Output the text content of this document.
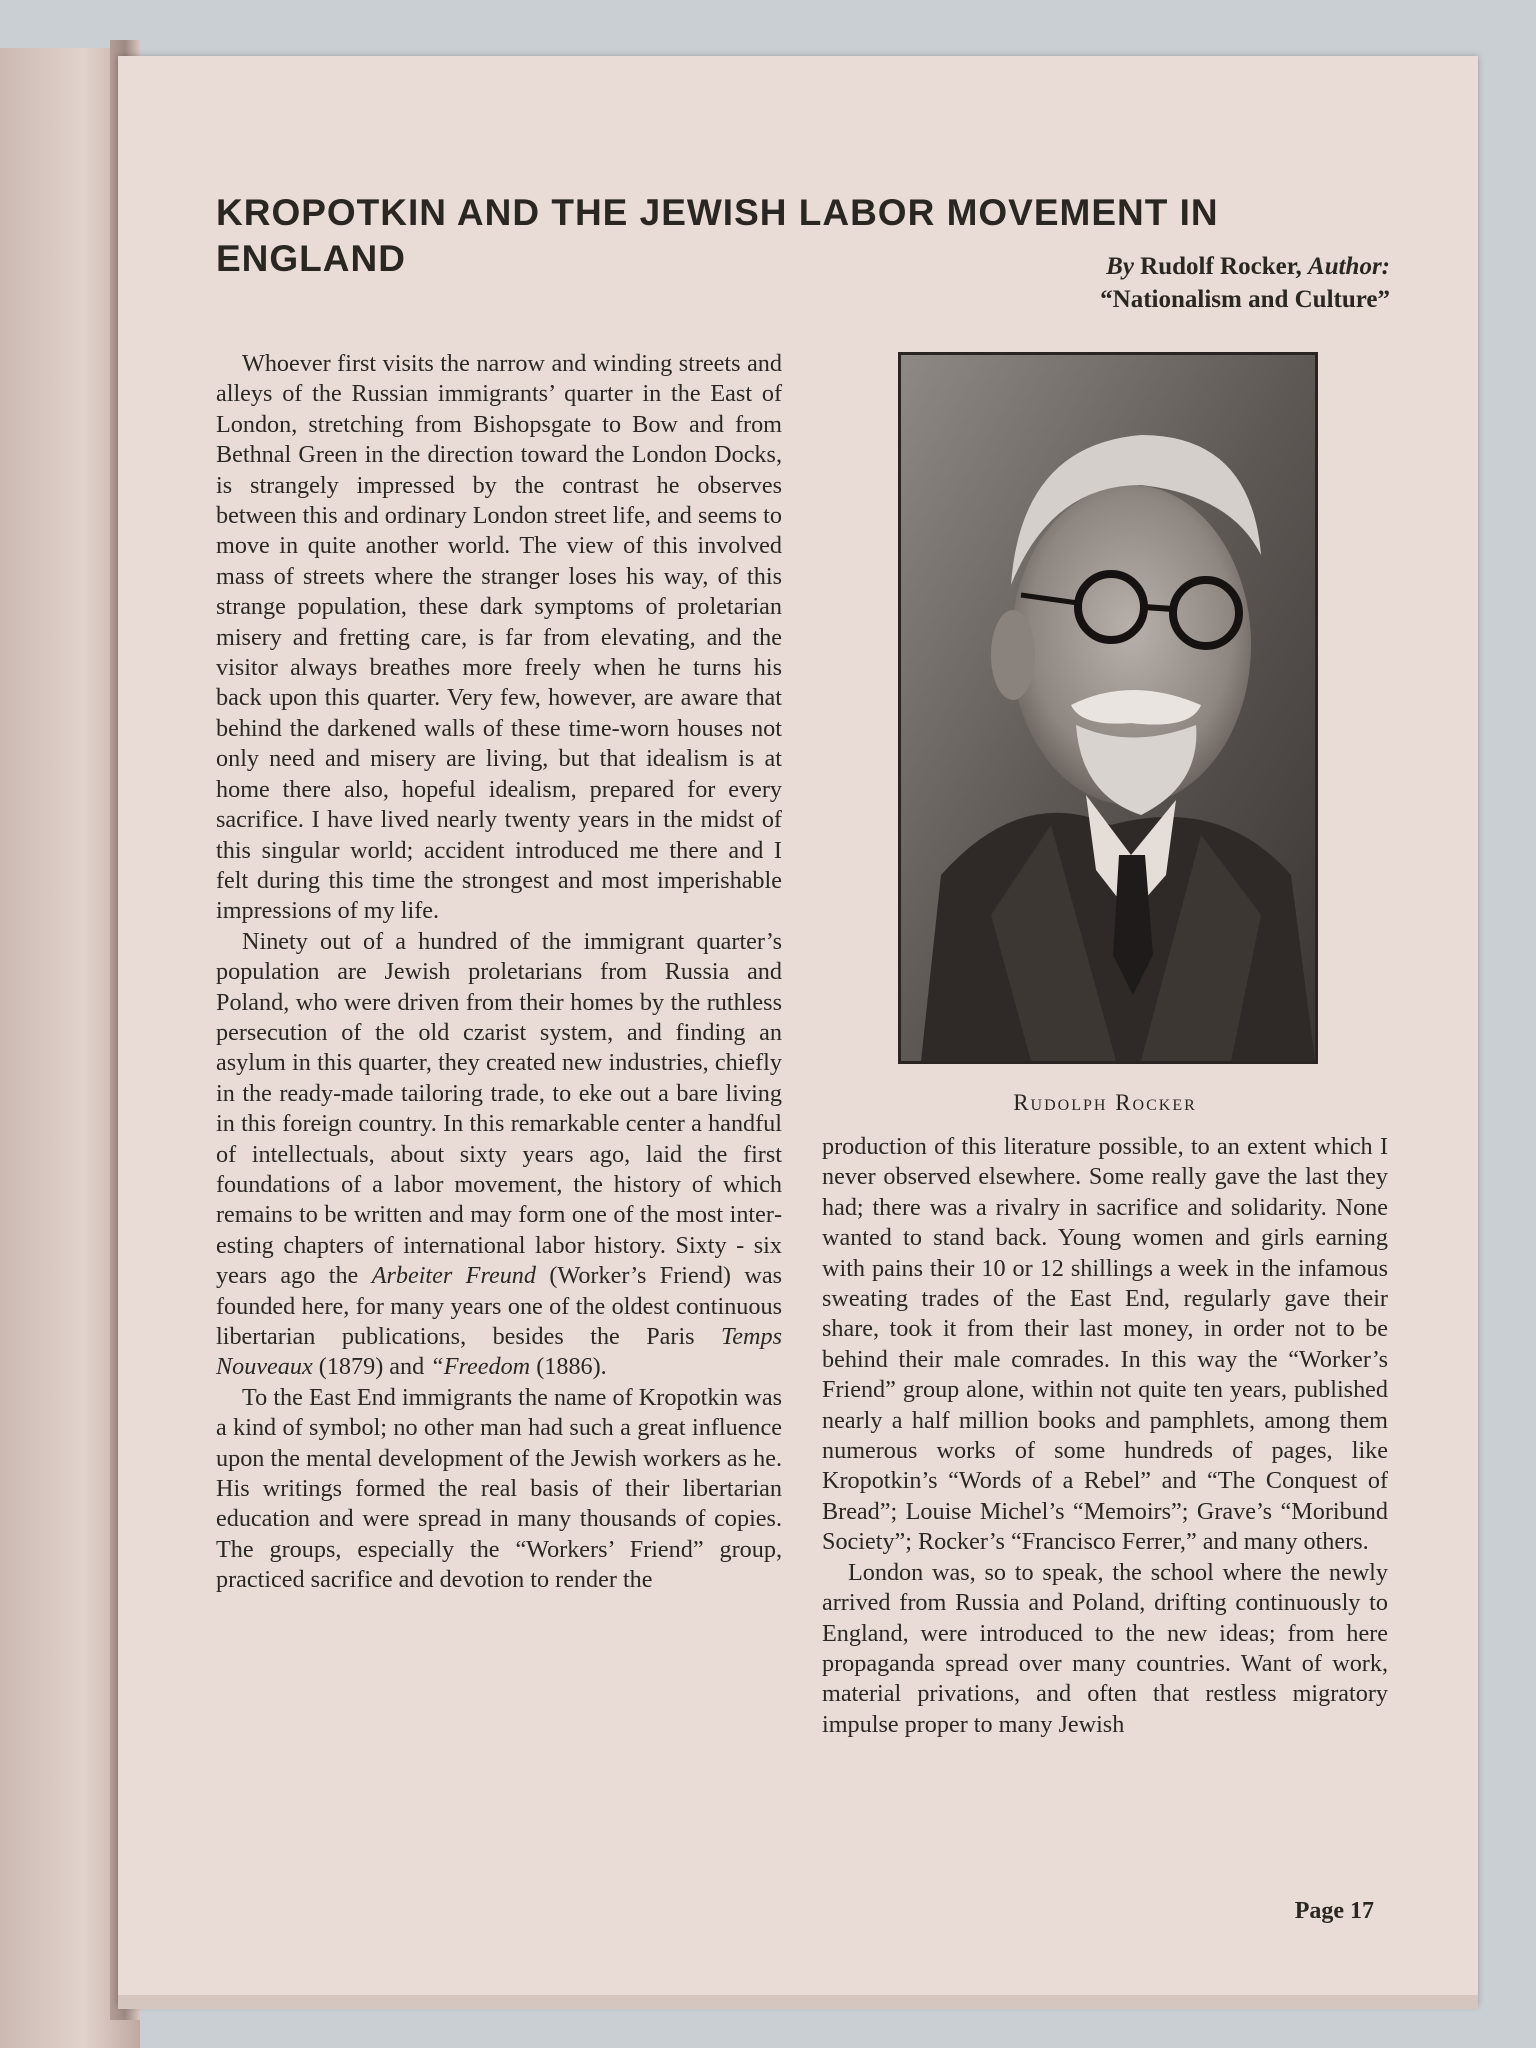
KROPOTKIN AND THE JEWISH LABOR MOVEMENT IN ENGLAND	By Rudolf Rocker, Author:
“Nationalism and Culture”

Whoever first visits the narrow and winding streets and alleys of the Russian immigrants’ quarter in the East of London, stretching from Bishopsgate to Bow and from Bethnal Green in the direction toward the London Docks, is strangely impressed by the contrast he observes between this and ordinary London street life, and seems to move in quite another world. The view of this involved mass of streets where the stranger loses his way, of this strange population, these dark symptoms of proletarian misery and fretting care, is far from elevating, and the visitor always breathes more freely when he turns his back upon this quarter. Very few, however, are aware that behind the darkened walls of these time-worn houses not only need and misery are living, but that idealism is at home there also, hopeful idealism, prepared for every sacrifice. I have lived nearly twenty years in the midst of this singular world; accident introduced me there and I felt during this time the strongest and most imperishable impressions of my life.

Ninety out of a hundred of the immigrant quarter’s population are Jewish proletarians from Russia and Poland, who were driven from their homes by the ruthless persecution of the old czarist system, and finding an asylum in this quarter, they created new industries, chiefly in the ready-made tailoring trade, to eke out a bare living in this foreign country. In this remarkable center a handful of intellectuals, about sixty years ago, laid the first foundations of a labor movement, the history of which remains to be written and may form one of the most interesting chapters of international labor history. Sixty - six years ago the Arbeiter Freund (Worker’s Friend) was founded here, for many years one of the oldest continuous libertarian publications, besides the Paris Temps Nouveaux (1879) and “Freedom (1886).

To the East End immigrants the name of Kropotkin was a kind of symbol; no other man had such a great influence upon the mental development of the Jewish workers as he. His writings formed the real basis of their libertarian education and were spread in many thousands of copies. The groups, especially the “Workers’ Friend” group, practiced sacrifice and devotion to render the

Rudolph Rocker

production of this literature possible, to an extent which I never observed elsewhere. Some really gave the last they had; there was a rivalry in sacrifice and solidarity. None wanted to stand back. Young women and girls earning with pains their 10 or 12 shillings a week in the infamous sweating trades of the East End, regularly gave their share, took it from their last money, in order not to be behind their male comrades. In this way the “Worker’s Friend” group alone, within not quite ten years, published nearly a half million books and pamphlets, among them numerous works of some hundreds of pages, like Kropotkin’s “Words of a Rebel” and “The Conquest of Bread”; Louise Michel’s “Memoirs”; Grave’s “Moribund Society”; Rocker’s “Francisco Ferrer,” and many others.

London was, so to speak, the school where the newly arrived from Russia and Poland, drifting continuously to England, were introduced to the new ideas; from here propaganda spread over many countries. Want of work, material privations, and often that restless migratory impulse proper to many Jewish

Page 17
